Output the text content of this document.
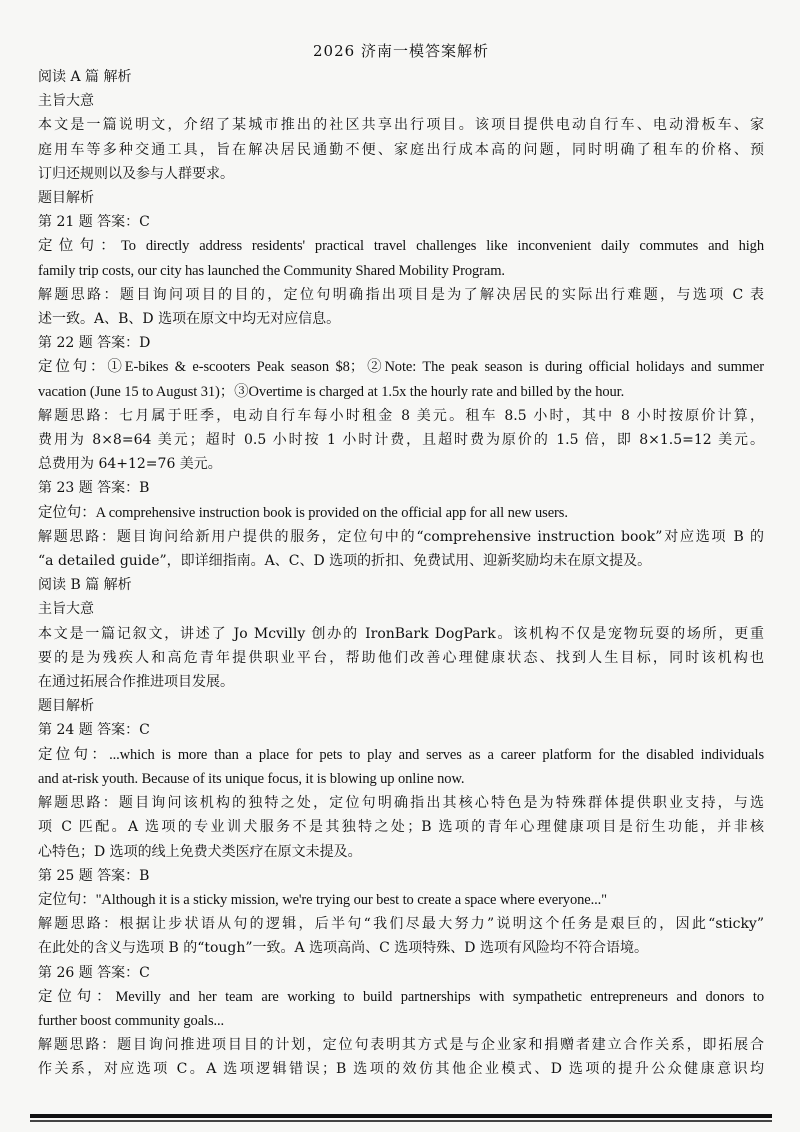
2026 济南一模答案解析

阅读 A 篇 解析

主旨大意

本文是一篇说明文，介绍了某城市推出的社区共享出行项目。该项目提供电动自行车、电动滑板车、家

庭用车等多种交通工具，旨在解决居民通勤不便、家庭出行成本高的问题，同时明确了租车的价格、预

订归还规则以及参与人群要求。

题目解析

第 21 题 答案：C

定位句：To directly address residents' practical travel challenges like inconvenient daily commutes and high

family trip costs, our city has launched the Community Shared Mobility Program.

解题思路：题目询问项目的目的，定位句明确指出项目是为了解决居民的实际出行难题，与选项 C 表

述一致。A、B、D 选项在原文中均无对应信息。

第 22 题 答案：D

定位句：①E-bikes & e-scooters Peak season $8；②Note: The peak season is during official holidays and summer

vacation (June 15 to August 31)；③Overtime is charged at 1.5x the hourly rate and billed by the hour.

解题思路：七月属于旺季，电动自行车每小时租金 8 美元。租车 8.5 小时，其中 8 小时按原价计算，

费用为 8×8=64 美元；超时 0.5 小时按 1 小时计费，且超时费为原价的 1.5 倍，即 8×1.5=12 美元。

总费用为 64+12=76 美元。

第 23 题 答案：B

定位句：A comprehensive instruction book is provided on the official app for all new users.

解题思路：题目询问给新用户提供的服务，定位句中的“comprehensive instruction book”对应选项 B 的

“a detailed guide”，即详细指南。A、C、D 选项的折扣、免费试用、迎新奖励均未在原文提及。

阅读 B 篇 解析

主旨大意

本文是一篇记叙文，讲述了 Jo Mcvilly 创办的 IronBark DogPark。该机构不仅是宠物玩耍的场所，更重

要的是为残疾人和高危青年提供职业平台，帮助他们改善心理健康状态、找到人生目标，同时该机构也

在通过拓展合作推进项目发展。

题目解析

第 24 题 答案：C

定位句：...which is more than a place for pets to play and serves as a career platform for the disabled individuals

and at-risk youth. Because of its unique focus, it is blowing up online now.

解题思路：题目询问该机构的独特之处，定位句明确指出其核心特色是为特殊群体提供职业支持，与选

项 C 匹配。A 选项的专业训犬服务不是其独特之处；B 选项的青年心理健康项目是衍生功能，并非核

心特色；D 选项的线上免费犬类医疗在原文未提及。

第 25 题 答案：B

定位句："Although it is a sticky mission, we're trying our best to create a space where everyone..."

解题思路：根据让步状语从句的逻辑，后半句“我们尽最大努力”说明这个任务是艰巨的，因此“sticky”

在此处的含义与选项 B 的“tough”一致。A 选项高尚、C 选项特殊、D 选项有风险均不符合语境。

第 26 题 答案：C

定位句：Mevilly and her team are working to build partnerships with sympathetic entrepreneurs and donors to

further boost community goals...

解题思路：题目询问推进项目目的计划，定位句表明其方式是与企业家和捐赠者建立合作关系，即拓展合

作关系，对应选项 C。A 选项逻辑错误；B 选项的效仿其他企业模式、D 选项的提升公众健康意识均
